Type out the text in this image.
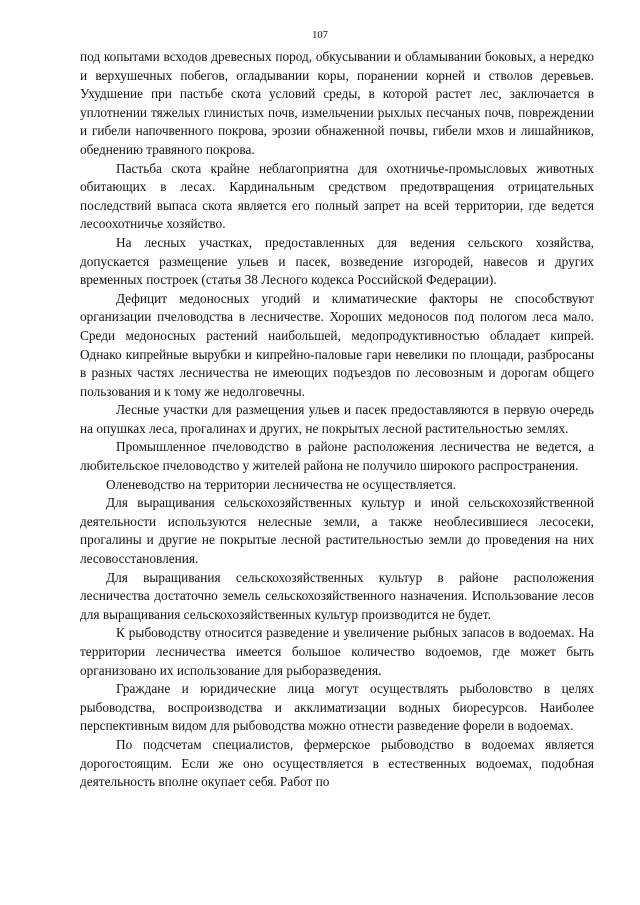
107

под копытами всходов древесных пород, обкусывании и обламывании боковых, а нередко и верхушечных побегов, огладывании коры, поранении корней и стволов деревьев. Ухудшение при пастьбе скота условий среды, в которой растет лес, заключается в уплотнении тяжелых глинистых почв, измельчении рыхлых песчаных почв, повреждении и гибели напочвенного покрова, эрозии обнаженной почвы, гибели мхов и лишайников, обеднению травяного покрова.

Пастьба скота крайне неблагоприятна для охотничье-промысловых животных обитающих в лесах. Кардинальным средством предотвращения отрицательных последствий выпаса скота является его полный запрет на всей территории, где ведется лесоохотничье хозяйство.

На лесных участках, предоставленных для ведения сельского хозяйства, допускается размещение ульев и пасек, возведение изгородей, навесов и других временных построек (статья 38 Лесного кодекса Российской Федерации).

Дефицит медоносных угодий и климатические факторы не способствуют организации пчеловодства в лесничестве. Хороших медоносов под пологом леса мало. Среди медоносных растений наибольшей, медопродуктивностью обладает кипрей. Однако кипрейные вырубки и кипрейно-паловые гари невелики по площади, разбросаны в разных частях лесничества не имеющих подъездов по лесовозным и дорогам общего пользования и к тому же недолговечны.

Лесные участки для размещения ульев и пасек предоставляются в первую очередь на опушках леса, прогалинах и других, не покрытых лесной растительностью землях.

Промышленное пчеловодство в районе расположения лесничества не ведется, а любительское пчеловодство у жителей района не получило широкого распространения.

Оленеводство на территории лесничества не осуществляется.

Для выращивания сельскохозяйственных культур и иной сельскохозяйственной деятельности используются нелесные земли, а также необлесившиеся лесосеки, прогалины и другие не покрытые лесной растительностью земли до проведения на них лесовосстановления.

Для выращивания сельскохозяйственных культур в районе расположения лесничества достаточно земель сельскохозяйственного назначения. Использование лесов для выращивания сельскохозяйственных культур производится не будет.

К рыбоводству относится разведение и увеличение рыбных запасов в водоемах. На территории лесничества имеется большое количество водоемов, где может быть организовано их использование для рыборазведения.

Граждане и юридические лица могут осуществлять рыболовство в целях рыбоводства, воспроизводства и акклиматизации водных биоресурсов. Наиболее перспективным видом для рыбоводства можно отнести разведение форели в водоемах.

По подсчетам специалистов, фермерское рыбоводство в водоемах является дорогостоящим. Если же оно осуществляется в естественных водоемах, подобная деятельность вполне окупает себя. Работ по
